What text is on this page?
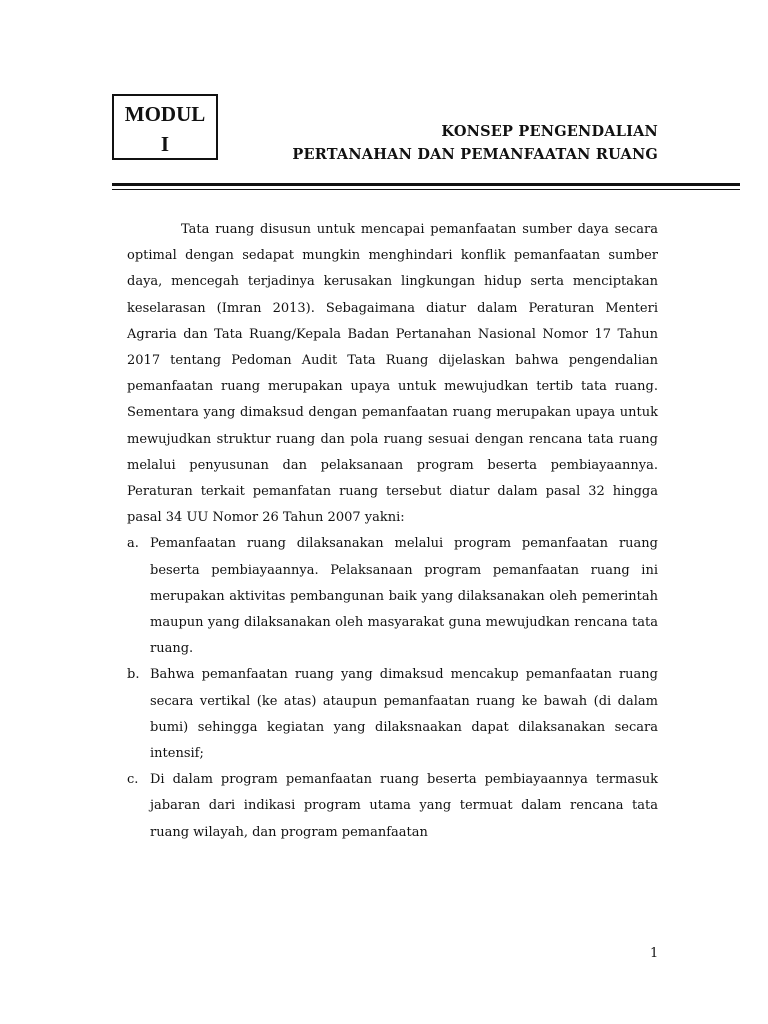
MODUL
I
KONSEP PENGENDALIAN
PERTANAHAN DAN PEMANFAATAN RUANG

Tata ruang disusun untuk mencapai pemanfaatan sumber daya secara optimal dengan sedapat mungkin menghindari konflik pemanfaatan sumber daya, mencegah terjadinya kerusakan lingkungan hidup serta menciptakan keselarasan (Imran 2013). Sebagaimana diatur dalam Peraturan Menteri Agraria dan Tata Ruang/Kepala Badan Pertanahan Nasional Nomor 17 Tahun 2017 tentang Pedoman Audit Tata Ruang dijelaskan bahwa pengendalian pemanfaatan ruang merupakan upaya untuk mewujudkan tertib tata ruang. Sementara yang dimaksud dengan pemanfaatan ruang merupakan upaya untuk mewujudkan struktur ruang dan pola ruang sesuai dengan rencana tata ruang melalui penyusunan dan pelaksanaan program beserta pembiayaannya. Peraturan terkait pemanfatan ruang tersebut diatur dalam pasal 32 hingga pasal 34 UU Nomor 26 Tahun 2007 yakni:

a. Pemanfaatan ruang dilaksanakan melalui program pemanfaatan ruang beserta pembiayaannya. Pelaksanaan program pemanfaatan ruang ini merupakan aktivitas pembangunan baik yang dilaksanakan oleh pemerintah maupun yang dilaksanakan oleh masyarakat guna mewujudkan rencana tata ruang.
b. Bahwa pemanfaatan ruang yang dimaksud mencakup pemanfaatan ruang secara vertikal (ke atas) ataupun pemanfaatan ruang ke bawah (di dalam bumi) sehingga kegiatan yang dilaksnaakan dapat dilaksanakan secara intensif;
c. Di dalam program pemanfaatan ruang beserta pembiayaannya termasuk jabaran dari indikasi program utama yang termuat dalam rencana tata ruang wilayah, dan program pemanfaatan
1
